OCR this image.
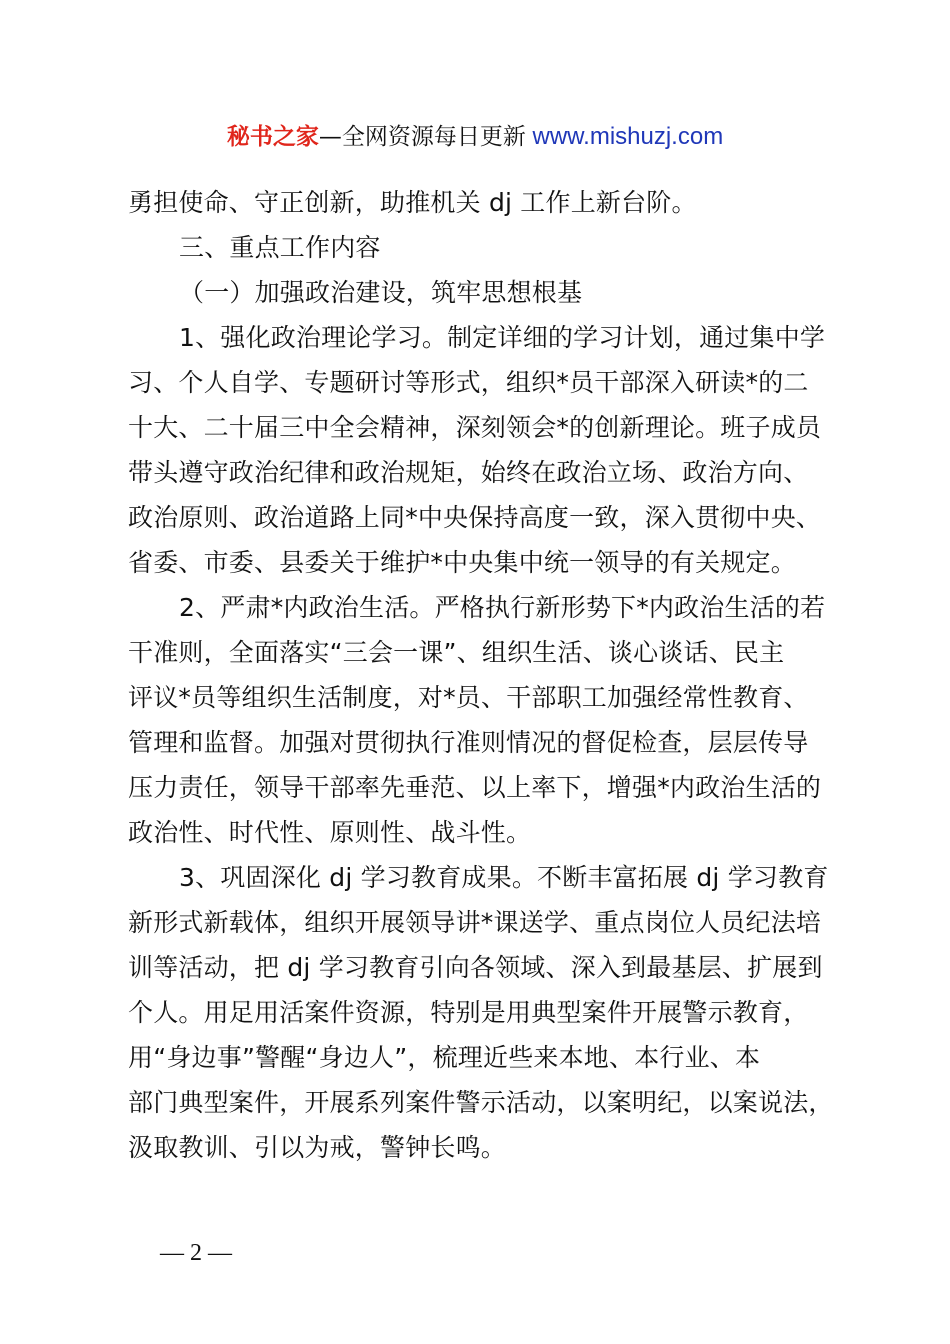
秘书之家—全网资源每日更新 www.mishuzj.com
勇担使命、守正创新，助推机关 dj 工作上新台阶。
三、重点工作内容
（一）加强政治建设，筑牢思想根基
1、强化政治理论学习。制定详细的学习计划，通过集中学
习、个人自学、专题研讨等形式，组织*员干部深入研读*的二
十大、二十届三中全会精神，深刻领会*的创新理论。班子成员
带头遵守政治纪律和政治规矩，始终在政治立场、政治方向、
政治原则、政治道路上同*中央保持高度一致，深入贯彻中央、
省委、市委、县委关于维护*中央集中统一领导的有关规定。
2、严肃*内政治生活。严格执行新形势下*内政治生活的若
干准则，全面落实“三会一课”、组织生活、谈心谈话、民主
评议*员等组织生活制度，对*员、干部职工加强经常性教育、
管理和监督。加强对贯彻执行准则情况的督促检查，层层传导
压力责任，领导干部率先垂范、以上率下，增强*内政治生活的
政治性、时代性、原则性、战斗性。
3、巩固深化 dj 学习教育成果。不断丰富拓展 dj 学习教育
新形式新载体，组织开展领导讲*课送学、重点岗位人员纪法培
训等活动，把 dj 学习教育引向各领域、深入到最基层、扩展到
个人。用足用活案件资源，特别是用典型案件开展警示教育，
用“身边事”警醒“身边人”，梳理近些来本地、本行业、本
部门典型案件，开展系列案件警示活动，以案明纪，以案说法，
汲取教训、引以为戒，警钟长鸣。
— 2 —
